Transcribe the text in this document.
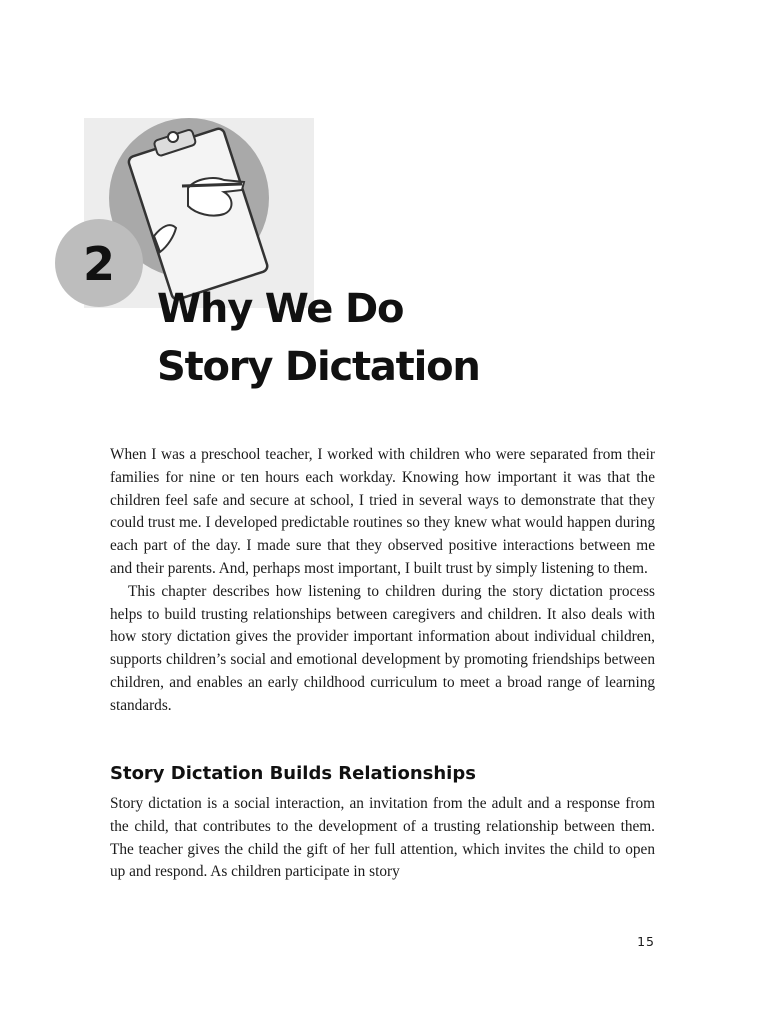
2
Why We Do
Story Dictation

When I was a preschool teacher, I worked with children who were separated from their families for nine or ten hours each workday. Knowing how important it was that the children feel safe and secure at school, I tried in several ways to demonstrate that they could trust me. I developed predictable routines so they knew what would happen during each part of the day. I made sure that they observed positive interactions between me and their parents. And, perhaps most important, I built trust by simply listening to them.

This chapter describes how listening to children during the story dictation process helps to build trusting relationships between caregivers and children. It also deals with how story dictation gives the provider important information about individual children, supports children’s social and emotional development by promoting friendships between children, and enables an early childhood curriculum to meet a broad range of learning standards.

Story Dictation Builds Relationships

Story dictation is a social interaction, an invitation from the adult and a response from the child, that contributes to the development of a trusting relationship between them. The teacher gives the child the gift of her full attention, which invites the child to open up and respond. As children participate in story

15
